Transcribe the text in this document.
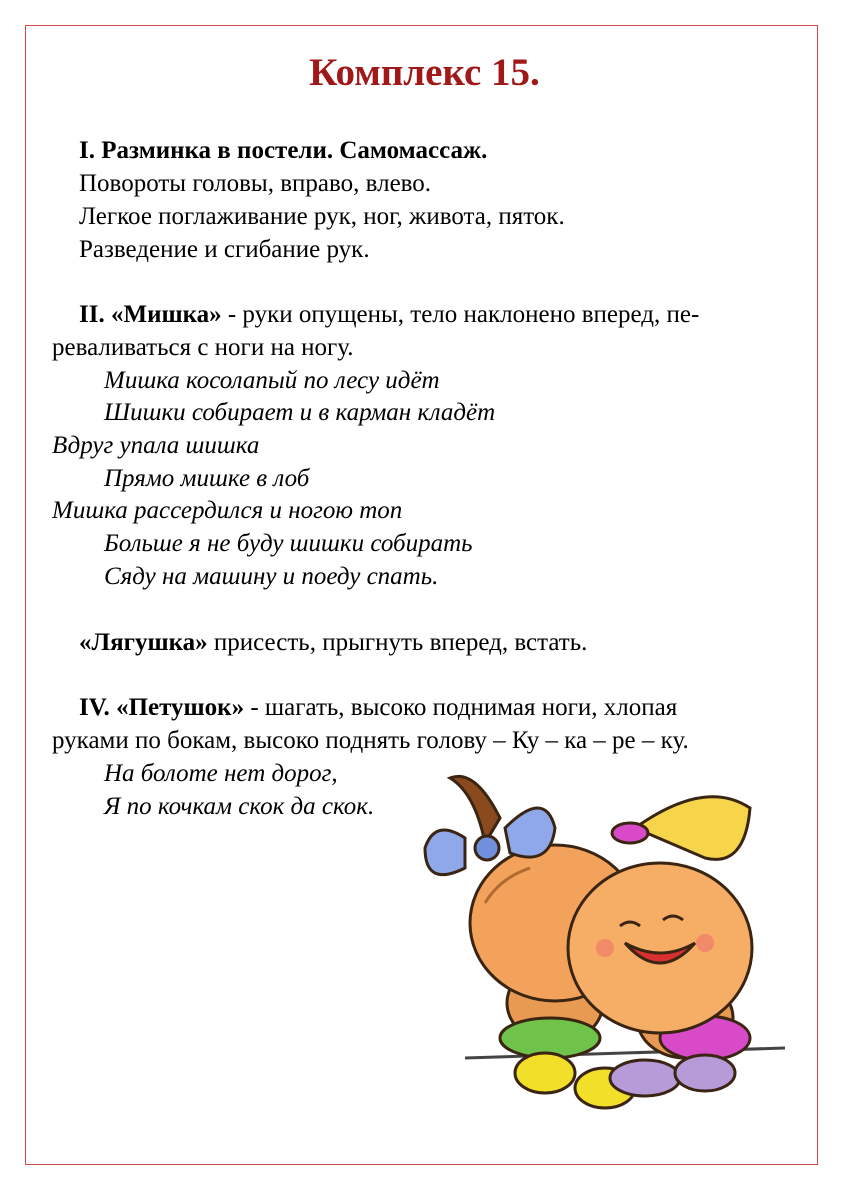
Комплекс 15.
I. Разминка в постели. Самомассаж.
Повороты головы, вправо, влево.
Легкое поглаживание рук, ног, живота, пяток.
Разведение и сгибание рук.
II. «Мишка» - руки опущены, тело наклонено вперед, пе-
реваливаться с ноги на ногу.
Мишка косолапый по лесу идёт
Шишки собирает и в карман кладёт
Вдруг упала шишка
Прямо мишке в лоб
Мишка рассердился и ногою топ
Больше я не буду шишки собирать
Сяду на машину и поеду спать.
«Лягушка» присесть, прыгнуть вперед, встать.
IV. «Петушок» - шагать, высоко поднимая ноги, хлопая
руками по бокам, высоко поднять голову – Ку – ка – ре – ку.
На болоте нет дорог,
Я по кочкам скок да скок.
